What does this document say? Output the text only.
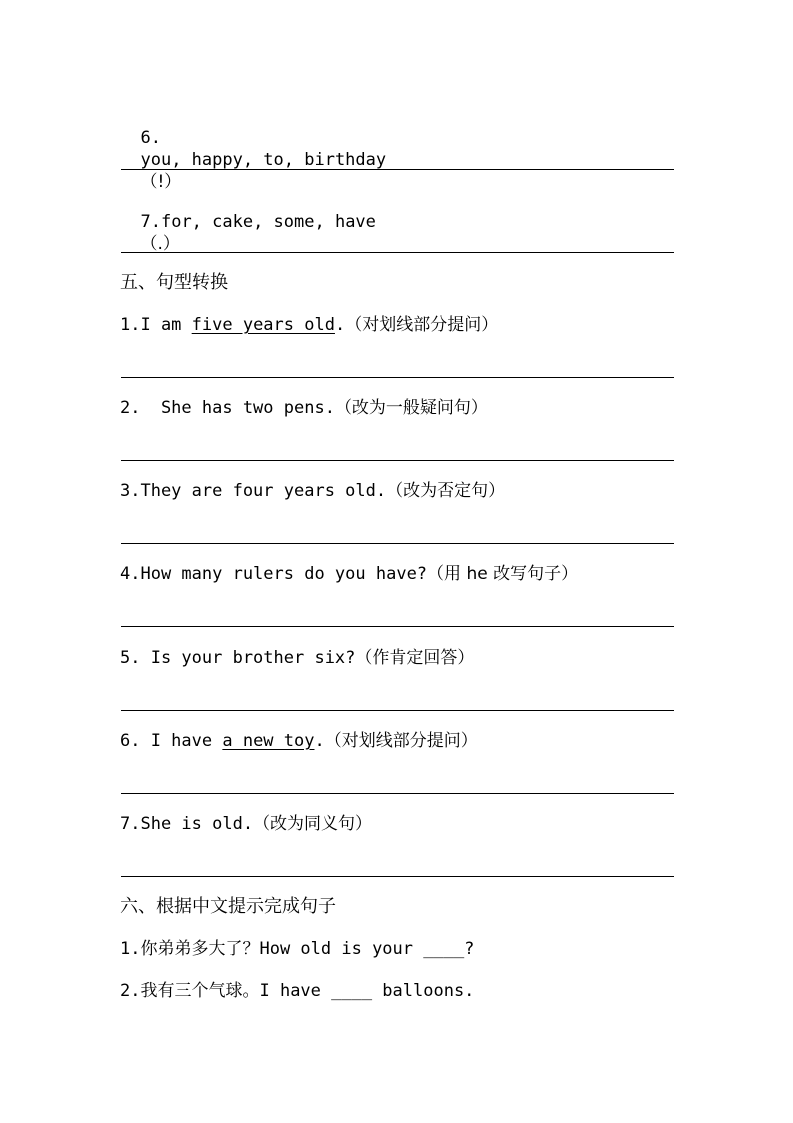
6.
you, happy, to, birthday
（!）

7.for, cake, some, have
（.）

五、句型转换
1.I am five years old.（对划线部分提问）
2.  She has two pens.（改为一般疑问句）
3.They are four years old.（改为否定句）
4.How many rulers do you have?（用 he 改写句子）
5. Is your brother six?（作肯定回答）
6. I have a new toy.（对划线部分提问）
7.She is old.（改为同义句）
六、根据中文提示完成句子
1.你弟弟多大了？How old is your ____?
2.我有三个气球。I have ____ balloons.
